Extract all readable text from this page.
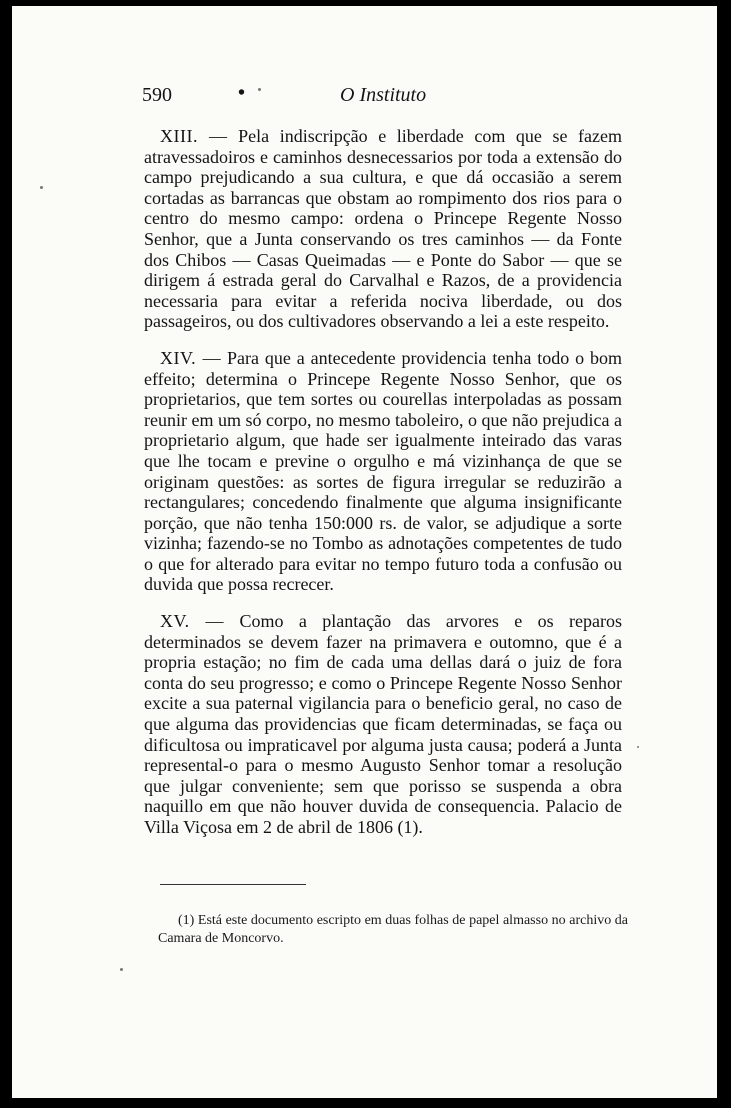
590	•	O Instituto

XIII. — Pela indiscripção e liberdade com que se fazem atravessadoiros e caminhos desnecessarios por toda a extensão do campo prejudicando a sua cultura, e que dá occasião a serem cortadas as barrancas que obstam ao rompimento dos rios para o centro do mesmo campo: ordena o Princepe Regente Nosso Senhor, que a Junta conservando os tres caminhos — da Fonte dos Chibos — Casas Queimadas — e Ponte do Sabor — que se dirigem á estrada geral do Carvalhal e Razos, de a providencia necessaria para evitar a referida nociva liberdade, ou dos passageiros, ou dos cultivadores observando a lei a este respeito.

XIV. — Para que a antecedente providencia tenha todo o bom effeito; determina o Princepe Regente Nosso Senhor, que os proprietarios, que tem sortes ou courellas interpoladas as possam reunir em um só corpo, no mesmo taboleiro, o que não prejudica a proprietario algum, que hade ser igualmente inteirado das varas que lhe tocam e previne o orgulho e má vizinhança de que se originam questões: as sortes de figura irregular se reduzirão a rectangulares; concedendo finalmente que alguma insignificante porção, que não tenha 150:000 rs. de valor, se adjudique a sorte vizinha; fazendo-se no Tombo as adnotações competentes de tudo o que for alterado para evitar no tempo futuro toda a confusão ou duvida que possa recrecer.

XV. — Como a plantação das arvores e os reparos determinados se devem fazer na primavera e outomno, que é a propria estação; no fim de cada uma dellas dará o juiz de fora conta do seu progresso; e como o Princepe Regente Nosso Senhor excite a sua paternal vigilancia para o beneficio geral, no caso de que alguma das providencias que ficam determinadas, se faça ou dificultosa ou impraticavel por alguma justa causa; poderá a Junta represental-o para o mesmo Augusto Senhor tomar a resolução que julgar conveniente; sem que porisso se suspenda a obra naquillo em que não houver duvida de consequencia. Palacio de Villa Viçosa em 2 de abril de 1806 (1).

(1) Está este documento escripto em duas folhas de papel almasso no archivo da Camara de Moncorvo.
